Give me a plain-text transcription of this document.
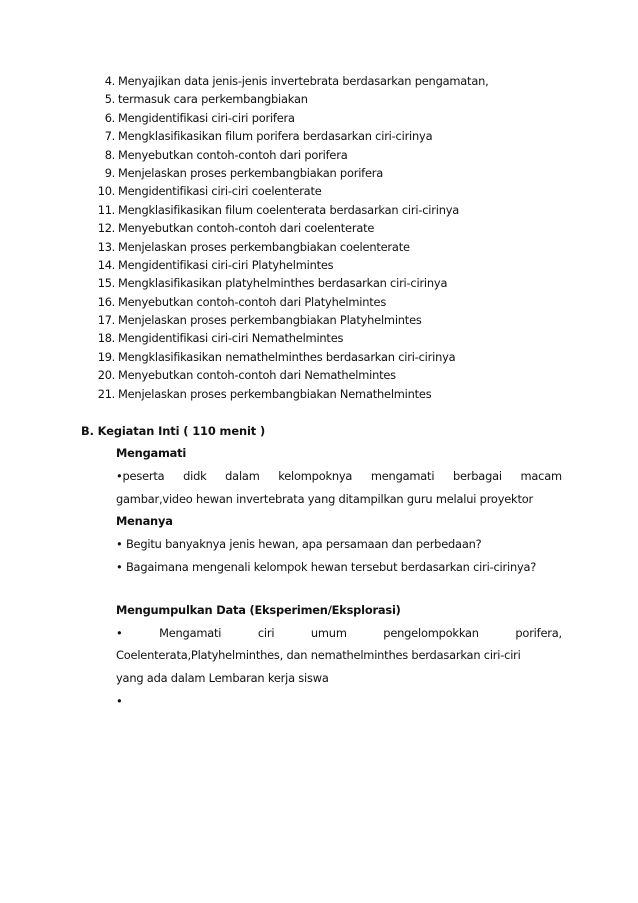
4. Menyajikan data jenis-jenis invertebrata berdasarkan pengamatan,
5. termasuk cara perkembangbiakan
6. Mengidentifikasi ciri-ciri porifera
7. Mengklasifikasikan filum porifera berdasarkan ciri-cirinya
8. Menyebutkan contoh-contoh dari porifera
9. Menjelaskan proses perkembangbiakan porifera
10. Mengidentifikasi ciri-ciri coelenterate
11. Mengklasifikasikan filum coelenterata berdasarkan ciri-cirinya
12. Menyebutkan contoh-contoh dari coelenterate
13. Menjelaskan proses perkembangbiakan coelenterate
14. Mengidentifikasi ciri-ciri Platyhelmintes
15. Mengklasifikasikan platyhelminthes berdasarkan ciri-cirinya
16. Menyebutkan contoh-contoh dari Platyhelmintes
17. Menjelaskan proses perkembangbiakan Platyhelmintes
18. Mengidentifikasi ciri-ciri Nemathelmintes
19. Mengklasifikasikan nemathelminthes berdasarkan ciri-cirinya
20. Menyebutkan contoh-contoh dari Nemathelmintes
21. Menjelaskan proses perkembangbiakan Nemathelmintes
B. Kegiatan Inti ( 110 menit )
Mengamati
•peserta didk dalam kelompoknya mengamati berbagai macam
gambar,video hewan invertebrata yang ditampilkan guru melalui proyektor
Menanya
• Begitu banyaknya jenis hewan, apa persamaan dan perbedaan?
• Bagaimana mengenali kelompok hewan tersebut berdasarkan ciri-cirinya?
Mengumpulkan Data (Eksperimen/Eksplorasi)
•	Mengamati	ciri	umum	pengelompokkan	porifera,
Coelenterata,Platyhelminthes, dan nemathelminthes berdasarkan ciri-ciri
yang ada dalam Lembaran kerja siswa
•
